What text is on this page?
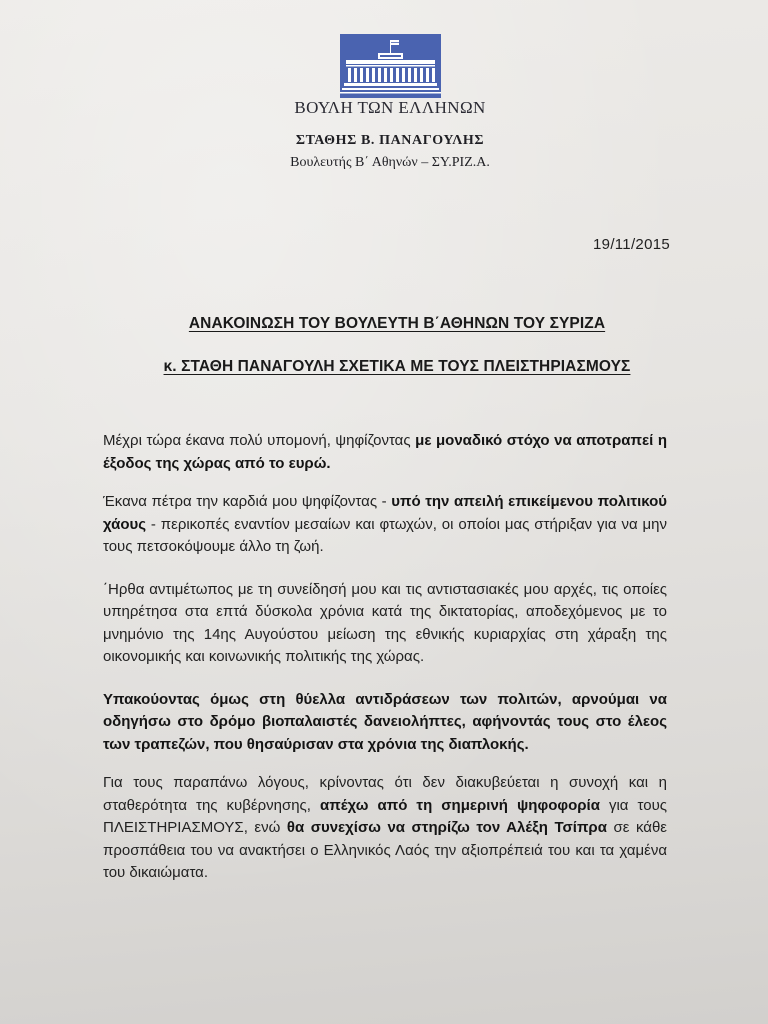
ΒΟΥΛΗ ΤΩΝ ΕΛΛΗΝΩΝ
ΣΤΑΘΗΣ Β. ΠΑΝΑΓΟΥΛΗΣ
Βουλευτής Β΄ Αθηνών – ΣΥ.ΡΙΖ.Α.
19/11/2015
ΑΝΑΚΟΙΝΩΣΗ ΤΟΥ ΒΟΥΛΕΥΤΗ Β΄ΑΘΗΝΩΝ ΤΟΥ ΣΥΡΙΖΑ
κ. ΣΤΑΘΗ ΠΑΝΑΓΟΥΛΗ ΣΧΕΤΙΚΑ ΜΕ ΤΟΥΣ ΠΛΕΙΣΤΗΡΙΑΣΜΟΥΣ

Μέχρι τώρα έκανα πολύ υπομονή, ψηφίζοντας με μοναδικό στόχο να αποτραπεί η έξοδος της χώρας από το ευρώ.

Έκανα πέτρα την καρδιά μου ψηφίζοντας - υπό την απειλή επικείμενου πολιτικού χάους - περικοπές εναντίον μεσαίων και φτωχών, οι οποίοι μας στήριξαν για να μην τους πετσοκόψουμε άλλο τη ζωή.

΄Ηρθα αντιμέτωπος με τη συνείδησή μου και τις αντιστασιακές μου αρχές, τις οποίες υπηρέτησα στα επτά δύσκολα χρόνια κατά της δικτατορίας, αποδεχόμενος με το μνημόνιο της 14ης Αυγούστου μείωση της εθνικής κυριαρχίας στη χάραξη της οικονομικής και κοινωνικής πολιτικής της χώρας.

Υπακούοντας όμως στη θύελλα αντιδράσεων των πολιτών, αρνούμαι να οδηγήσω στο δρόμο βιοπαλαιστές δανειολήπτες, αφήνοντάς τους στο έλεος των τραπεζών, που θησαύρισαν στα χρόνια της διαπλοκής.

Για τους παραπάνω λόγους, κρίνοντας ότι δεν διακυβεύεται η συνοχή και η σταθερότητα της κυβέρνησης, απέχω από τη σημερινή ψηφοφορία για τους ΠΛΕΙΣΤΗΡΙΑΣΜΟΥΣ, ενώ θα συνεχίσω να στηρίζω τον Αλέξη Τσίπρα σε κάθε προσπάθεια του να ανακτήσει ο Ελληνικός Λαός την αξιοπρέπειά του και τα χαμένα του δικαιώματα.
